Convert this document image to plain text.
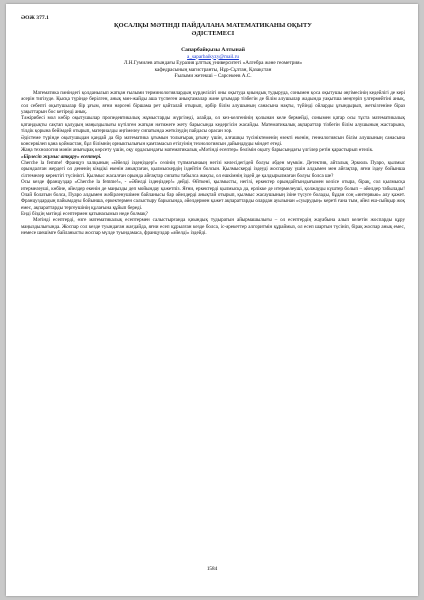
ӘОЖ 377.1
ҚОСАЛҚЫ МӘТІНДІ ПАЙДАЛАНА МАТЕМАТИКАНЫ ОҚЫТУ
ӘДІСТЕМЕСІ
Сапарбайқызы Алтынай
a_saparbaikyzy@mail.ru
Л.Н.Гумилев атындағы Еуразия ұлттық университеті «Алгебра және геометрия»
кафедрасының магистранты, Нұр-Сұлтан, Қазақстан
Ғылыми жетекші – Сарсекеев А.С.

Математика пәніндегі қолданылып жатқан ғылыми терминологиялардың күрделілігі оны оқытуда қиындық тудыруда, сонымен қоса оқытушы әңгімесінің кедейлігі де кері әсерін тигізуде. Қысқа түрінде берілген, анық мән-жайды аша түспеген анықтамалар және ұғымдар тізбегін де білім алушылар жадында уақытша меңгеріп үлгермейтіні анық, сол себепті оқытушылар бір ұғым, яғни нәрсені біршама рет қайталай отырып, әрбір білім алушының санасына нақты, түйінді ойларды ұғындырып, жеткізгеніне біраз уақыттарын бос кетіреді анық.

Тәжірибесі мол көбір оқытушылар пропедевтикалық жұмыстарды жүргізеді, алайда, ол кез-келгенінің қолынан келе бермейді, сонымен қатар осы тұста математикалық қатаңдықты сақтап қалудың маңыздылығы күтілген жатқан нәтижеге жету барысында кедергісін жасайды. Математикалық ақпараттар тізбегін білім алушының жастарына, тілдік қорына бейімдей отырып, материалды әңгімелеу сипатында жеткізудің пайдасы орасан зор.

Әдістеме түрінде оқытушыдан қандай да бір математика ұғымын толығырақ ұғыну үшін, алғашқы түсініктеменің өзекті екенін, генеалогиясын білім алушының санасына консервілеп қана қоймастан, бұл білімнің орныктылығын қамтамасыз етілуінің технологиясын дайындауды міндет етеді.

Жаңа технология мәнін анығырақ көрсету үшін, оқу ордасындағы математикалық «Мәтінді есептер» бөлімін оқыту барысындағы үлгілер ретін қарастырып өтелік.

«Бірлесіп жұмыс атқару» есептері.

Cherche la femme! Француз халқының «Әйелді іздеңіздер!» сөзінің түпмағынаың негізі келесідегідей болуы әбден мүмкін. Детектив, айталық Эркюль Пуаро, қылмыс орындалған жердегі ол дененің кімдікі екенін анықтаған, қылмыскердің іздейтін болсын. Қылмыскерді іздеуді жоспарлау үшін алдымен мен айғақтар, яғни іздеу бойынша сілтемелер керектігі түсінікті. Қылмыс жасалған орында айғақтар сипаты табылса жақсы, ол ешкімнің іздей де қалдырылмаған болуы болса ше?

Осы кезде француздар «Cherche la femme!», - «Әйелді іздеңіздер!» дейді. Өйткені, қылмысты, негізі, еркектер орындайтындығымен келісе отыра, бірақ, сол қылмысқа итермелеуші, көбіне, әйелдер екенін де маңызды деп мойындау қажетпіз. Яғни, еркектерді қылмысқа да, ерлікке де итермелеуші, қолжауды күштер болып – әйелдер табылады! Олай болатын болса, Пуаро алдымен жәбірленушімен байланысы бар әйелдерді анықтай отырып, қылмыс жасаушының ізіне түсуге болады, бұдан соң «интервью» алу қажет. Француздардың пайымдауы бойынша, еркектермен салыстыру барысында, әйелдермен қажет ақпараттарды олардан ауызынан «суырудың» кереті ғана тым, әйел еш-сыйқыр жоқ емес, ақпараттарды тергеушінің құлағына құйып береді.

Енді біздің мәтінді есептермен қатынасымыз неде болмақ?

Мәтінді есептерді, өзге математикалық есептермен салыстырғанда қиындық тудыратын айырмашылығы – ол есептердің жауабына алып келетін жоспарды құру маңыздылығында. Жоспар сол кезде туындаған жағдайда, яғни есеп құрылған кезде болса, іс-әрекеттер алгоритмін құраймыз, ол есеп шартын түсініп, бірақ жоспар анық емес, немесе шешімге байланысты жоспар мүлде туындамаса, француздар «әйелді» іздейді.

1584
